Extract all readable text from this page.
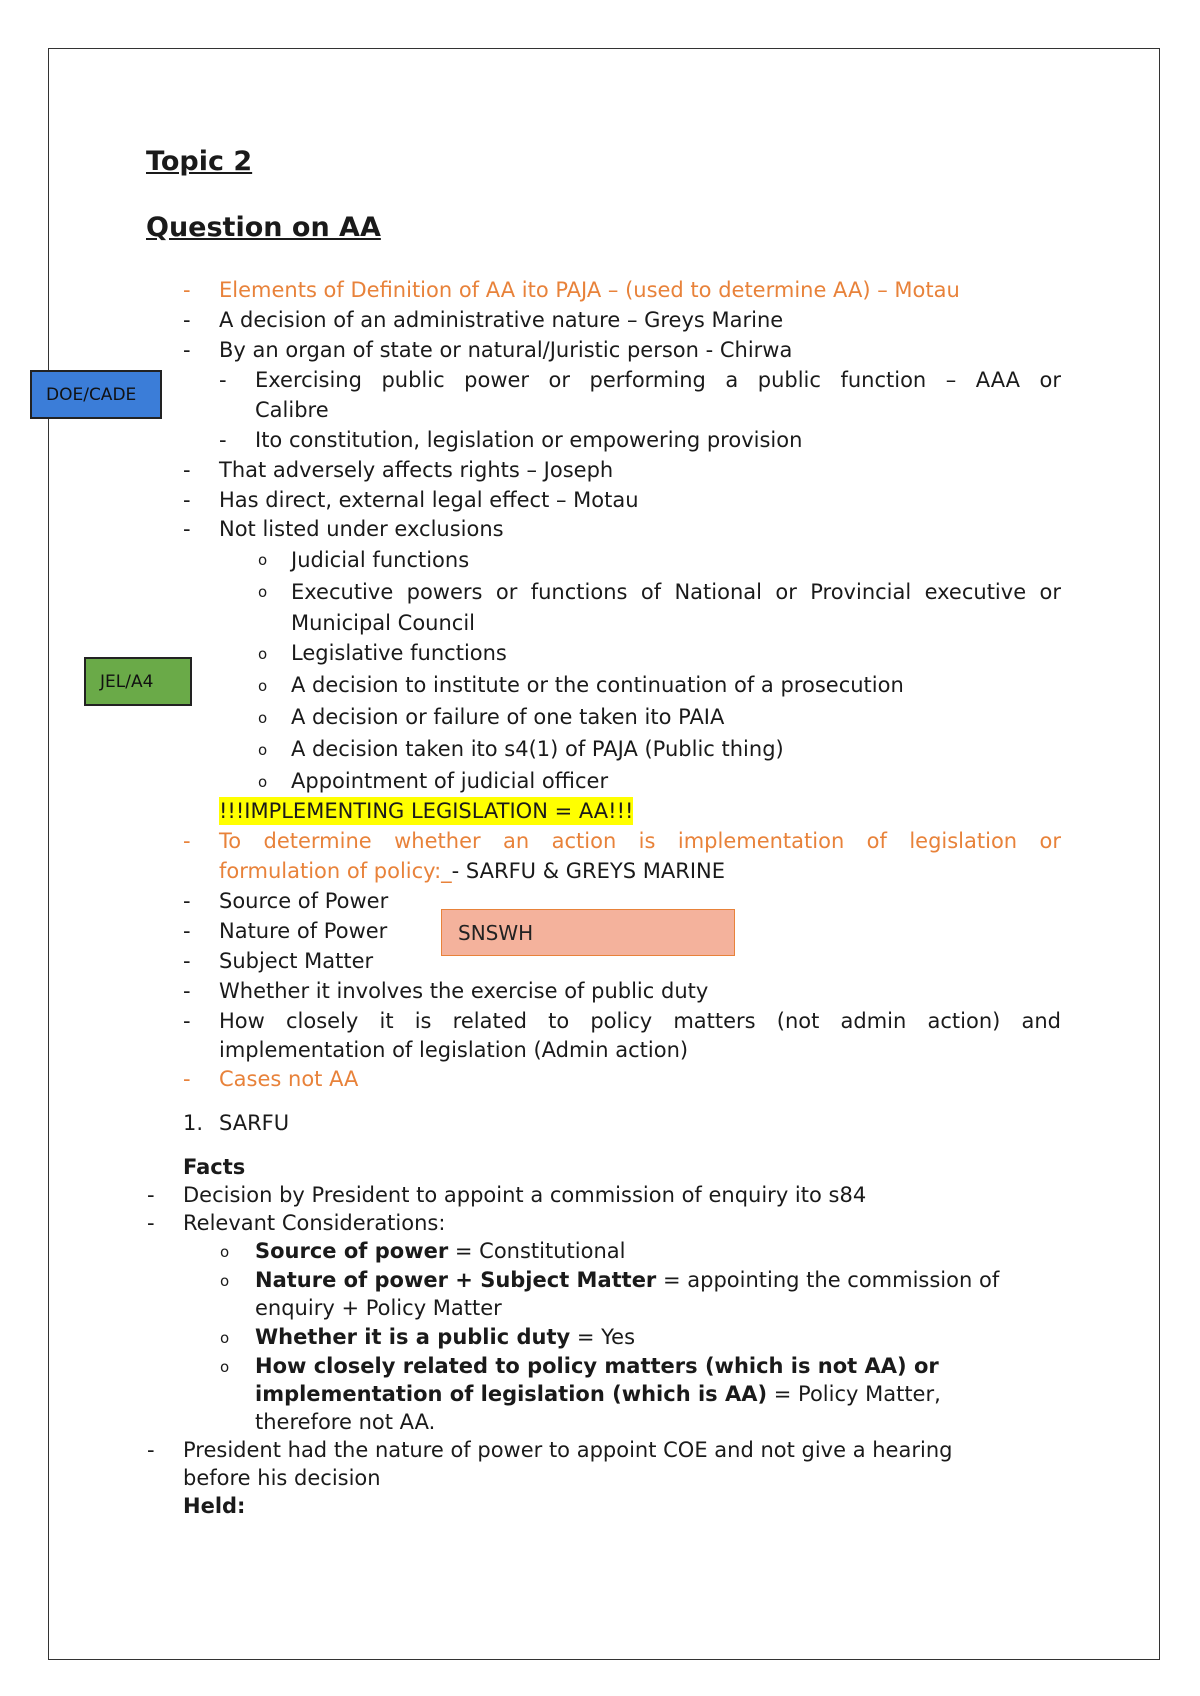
Topic 2
Question on AA
- Elements of Definition of AA ito PAJA – (used to determine AA) – Motau
- A decision of an administrative nature – Greys Marine
- By an organ of state or natural/Juristic person - Chirwa
- Exercising public power or performing a public function – AAA or
Calibre
- Ito constitution, legislation or empowering provision
- That adversely affects rights – Joseph
- Has direct, external legal effect – Motau
- Not listed under exclusions
o Judicial functions
o Executive powers or functions of National or Provincial executive or
Municipal Council
o Legislative functions
o A decision to institute or the continuation of a prosecution
o A decision or failure of one taken ito PAIA
o A decision taken ito s4(1) of PAJA (Public thing)
o Appointment of judicial officer
!!!IMPLEMENTING LEGISLATION = AA!!!
- To determine whether an action is implementation of legislation or
formulation of policy:_- SARFU & GREYS MARINE
- Source of Power
- Nature of Power
- Subject Matter
- Whether it involves the exercise of public duty
- How closely it is related to policy matters (not admin action) and
implementation of legislation (Admin action)
- Cases not AA
1. SARFU
Facts
- Decision by President to appoint a commission of enquiry ito s84
- Relevant Considerations:
o Source of power = Constitutional
o Nature of power + Subject Matter = appointing the commission of
enquiry + Policy Matter
o Whether it is a public duty = Yes
o How closely related to policy matters (which is not AA) or
implementation of legislation (which is AA) = Policy Matter,
therefore not AA.
- President had the nature of power to appoint COE and not give a hearing
before his decision
Held:
DOE/CADE
JEL/A4
SNSWH
